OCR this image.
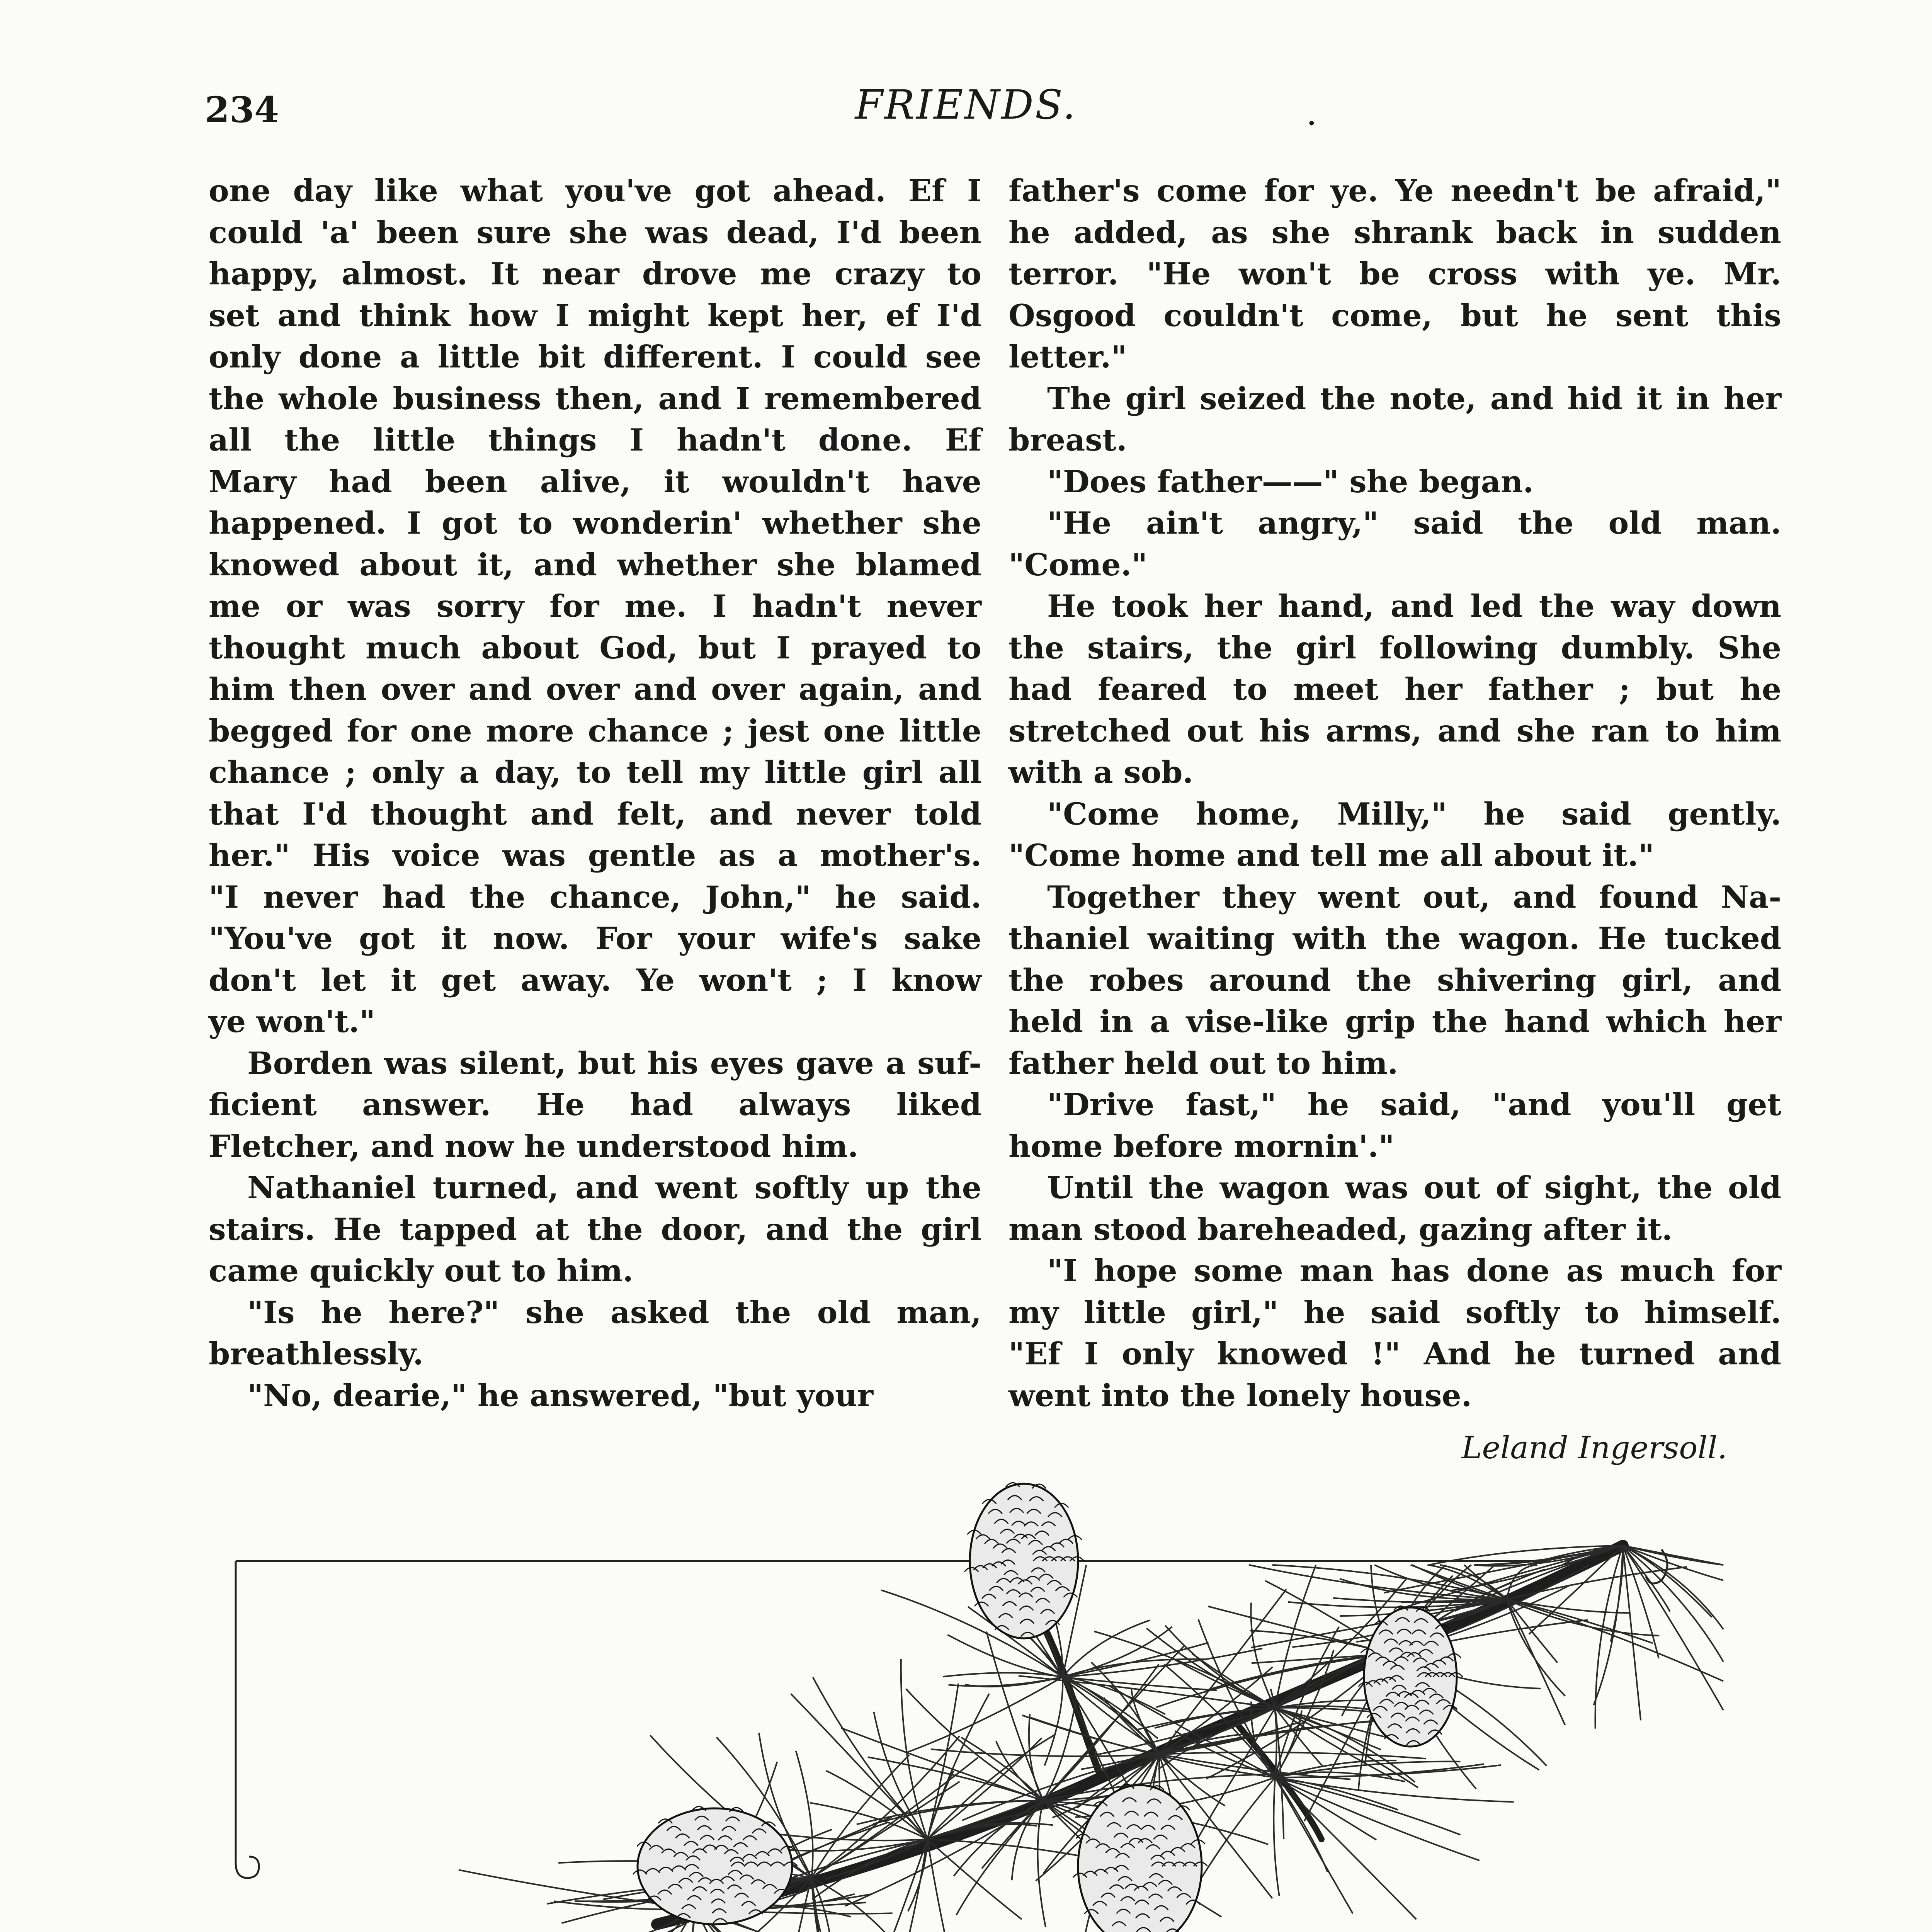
234	FRIENDS.	.

one day like what you've got ahead. Ef I
could 'a' been sure she was dead, I'd been
happy, almost. It near drove me crazy to
set and think how I might kept her, ef I'd
only done a little bit different. I could see
the whole business then, and I remembered
all the little things I hadn't done. Ef
Mary had been alive, it wouldn't have
happened. I got to wonderin' whether she
knowed about it, and whether she blamed
me or was sorry for me. I hadn't never
thought much about God, but I prayed to
him then over and over and over again, and
begged for one more chance ; jest one little
chance ; only a day, to tell my little girl all
that I'd thought and felt, and never told
her." His voice was gentle as a mother's.
"I never had the chance, John," he said.
"You've got it now. For your wife's sake
don't let it get away. Ye won't ; I know
ye won't."

Borden was silent, but his eyes gave a suf-
ficient answer. He had always liked
Fletcher, and now he understood him.

Nathaniel turned, and went softly up the
stairs. He tapped at the door, and the girl
came quickly out to him.

"Is he here?" she asked the old man,
breathlessly.

"No, dearie," he answered, "but your

father's come for ye. Ye needn't be afraid,"
he added, as she shrank back in sudden
terror. "He won't be cross with ye. Mr.
Osgood couldn't come, but he sent this
letter."

The girl seized the note, and hid it in her
breast.

"Does father——" she began.

"He ain't angry," said the old man.
"Come."

He took her hand, and led the way down
the stairs, the girl following dumbly. She
had feared to meet her father ; but he
stretched out his arms, and she ran to him
with a sob.

"Come home, Milly," he said gently.
"Come home and tell me all about it."

Together they went out, and found Na-
thaniel waiting with the wagon. He tucked
the robes around the shivering girl, and
held in a vise-like grip the hand which her
father held out to him.

"Drive fast," he said, "and you'll get
home before mornin'."

Until the wagon was out of sight, the old
man stood bareheaded, gazing after it.

"I hope some man has done as much for
my little girl," he said softly to himself.
"Ef I only knowed !" And he turned and
went into the lonely house.

Leland Ingersoll.
